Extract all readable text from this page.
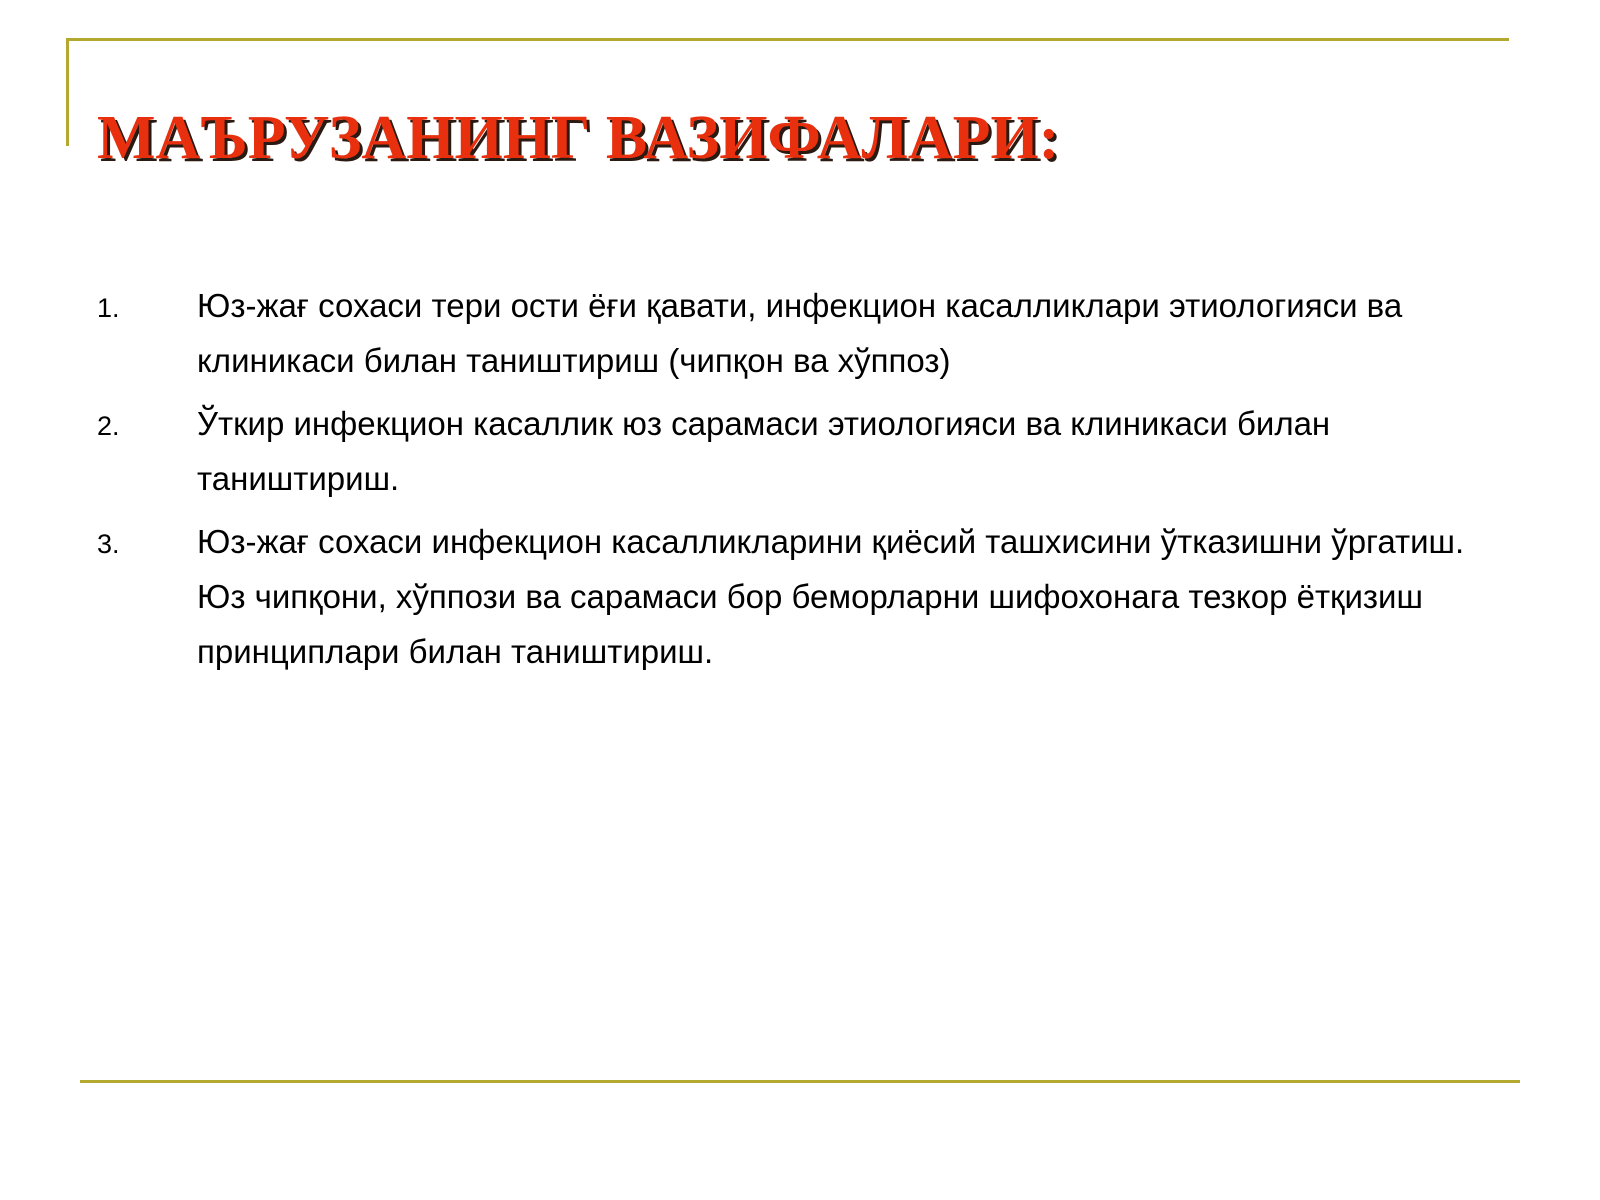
МАЪРУЗАНИНГ ВАЗИФАЛАРИ:
1.	Юз-жағ сохаси тери ости ёғи қавати, инфекцион касалликлари этиологияси ва клиникаси билан таништириш (чипқон ва хўппоз)
2.	Ўткир инфекцион касаллик юз сарамаси этиологияси ва клиникаси билан таништириш.
3.	Юз-жағ сохаси инфекцион касалликларини қиёсий ташхисини ўтказишни ўргатиш. Юз чипқони, хўппози ва сарамаси бор беморларни шифохонага тезкор ётқизиш принциплари билан таништириш.
